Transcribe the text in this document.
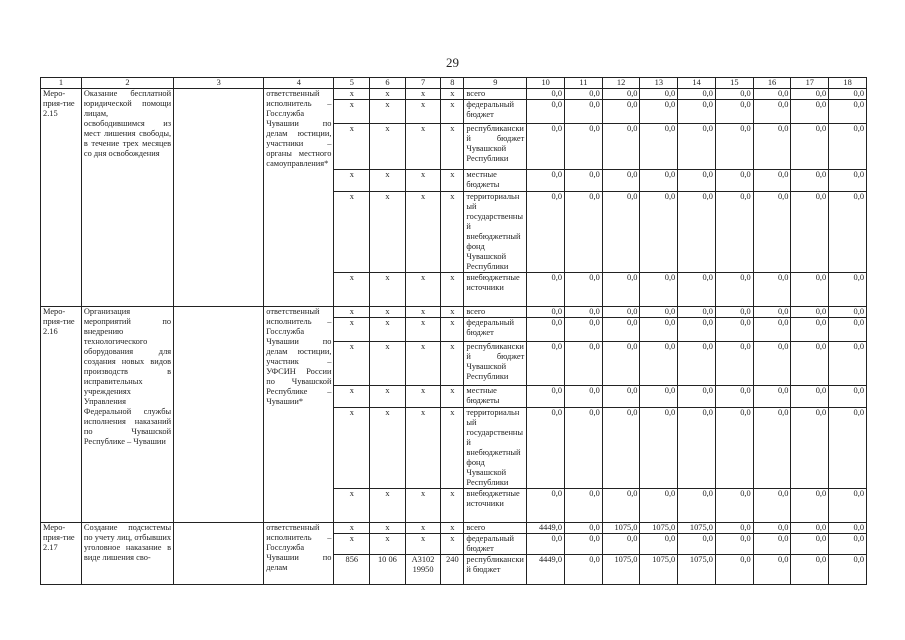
29
1	2	3	4	5	6	7	8	9	10	11	12	13	14	15	16	17	18
Меро-прия-тие 2.15	Оказание бесплатной юридической помощи лицам, освободившимся из мест лишения свободы, в течение трех месяцев со дня освобождения		ответственный исполнитель – Госслужба Чувашии по делам юстиции, участники – органы местного самоуправления*	x	x	x	x	всего	0,0	0,0	0,0	0,0	0,0	0,0	0,0	0,0	0,0
				x	x	x	x	федеральный бюджет	0,0	0,0	0,0	0,0	0,0	0,0	0,0	0,0	0,0
				x	x	x	x	республиканский бюджет Чувашской Республики	0,0	0,0	0,0	0,0	0,0	0,0	0,0	0,0	0,0
				x	x	x	x	местные бюджеты	0,0	0,0	0,0	0,0	0,0	0,0	0,0	0,0	0,0
				x	x	x	x	территориальный государственный внебюджетный фонд Чувашской Республики	0,0	0,0	0,0	0,0	0,0	0,0	0,0	0,0	0,0
				x	x	x	x	внебюджетные источники	0,0	0,0	0,0	0,0	0,0	0,0	0,0	0,0	0,0
Меро-прия-тие 2.16	Организация мероприятий по внедрению технологического оборудования для создания новых видов производств в исправительных учреждениях Управления Федеральной службы исполнения наказаний по Чувашской Республике – Чувашии		ответственный исполнитель – Госслужба Чувашии по делам юстиции, участник – УФСИН России по Чувашской Республике – Чувашии*	x	x	x	x	всего	0,0	0,0	0,0	0,0	0,0	0,0	0,0	0,0	0,0
				x	x	x	x	федеральный бюджет	0,0	0,0	0,0	0,0	0,0	0,0	0,0	0,0	0,0
				x	x	x	x	республиканский бюджет Чувашской Республики	0,0	0,0	0,0	0,0	0,0	0,0	0,0	0,0	0,0
				x	x	x	x	местные бюджеты	0,0	0,0	0,0	0,0	0,0	0,0	0,0	0,0	0,0
				x	x	x	x	территориальный государственный внебюджетный фонд Чувашской Республики	0,0	0,0	0,0	0,0	0,0	0,0	0,0	0,0	0,0
				x	x	x	x	внебюджетные источники	0,0	0,0	0,0	0,0	0,0	0,0	0,0	0,0	0,0
Меро-прия-тие 2.17	Создание подсистемы по учету лиц, отбывших уголовное наказание в виде лишения сво-		ответственный исполнитель – Госслужба Чувашии по делам	x	x	x	x	всего	4449,0	0,0	1075,0	1075,0	1075,0	0,0	0,0	0,0	0,0
				x	x	x	x	федеральный бюджет	0,0	0,0	0,0	0,0	0,0	0,0	0,0	0,0	0,0
				856	10 06	А3102 19950	240	республиканский бюджет	4449,0	0,0	1075,0	1075,0	1075,0	0,0	0,0	0,0	0,0
